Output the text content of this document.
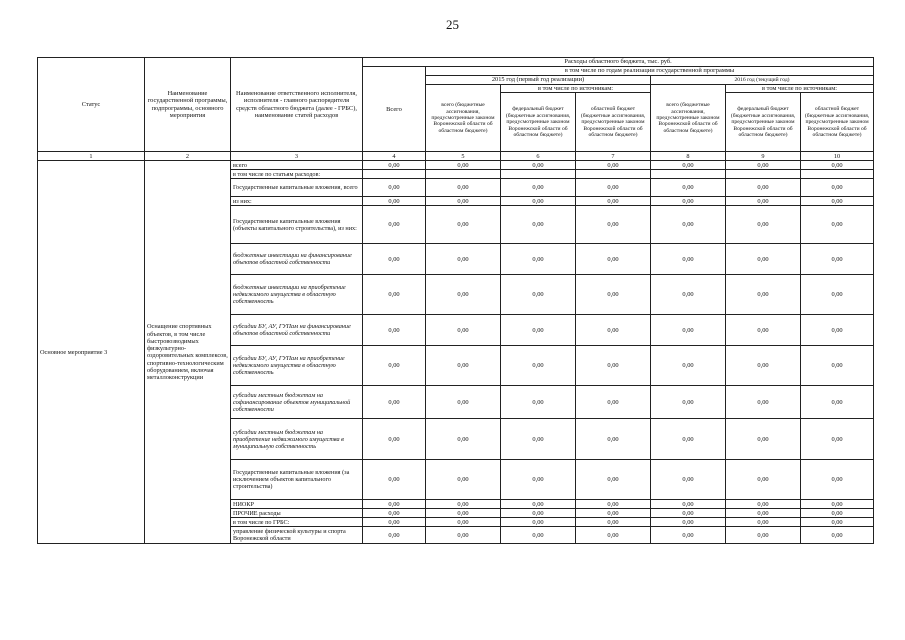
25
Статус	Наименование государственной программы, подпрограммы, основного мероприятия	Наименование ответственного исполнителя, исполнителя - главного распорядителя средств областного бюджета (далее - ГРБС), наименование статей расходов	Расходы областного бюджета, тыс. руб.						
			Всего	в том числе по годам реализации государственной программы					
				2015 год (первый год реализации)			2016 год (текущий год)		
				всего (бюджетные ассигнования, предусмотренные законом Воронежской области об областном бюджете)	в том числе по источникам:		всего (бюджетные ассигнования, предусмотренные законом Воронежской области об областном бюджете)	в том числе по источникам:	
					федеральный бюджет (бюджетные ассигнования, предусмотренные законом Воронежской области об областном бюджете)	областной бюджет (бюджетные ассигнования, предусмотренные законом Воронежской области об областном бюджете)		федеральный бюджет (бюджетные ассигнования, предусмотренные законом Воронежской области об областном бюджете)	областной бюджет (бюджетные ассигнования, предусмотренные законом Воронежской области об областном бюджете)
1	2	3	4	5	6	7	8	9	10
Основное мероприятие 3	Оснащение спортивных объектов, в том числе быстровозводимых физкультурно-оздоровительных комплексов, спортивно-технологическим оборудованием, включая металлоконструкции	всего	0,00	0,00	0,00	0,00	0,00	0,00	0,00
		в том числе по статьям расходов:							
		Государственные капитальные вложения, всего	0,00	0,00	0,00	0,00	0,00	0,00	0,00
		из них:	0,00	0,00	0,00	0,00	0,00	0,00	0,00
		Государственные капитальные вложения (объекты капитального строительства), из них:	0,00	0,00	0,00	0,00	0,00	0,00	0,00
		бюджетные инвестиции на финансирование объектов областной собственности	0,00	0,00	0,00	0,00	0,00	0,00	0,00
		бюджетные инвестиции на приобретение недвижимого имущества в областную собственность	0,00	0,00	0,00	0,00	0,00	0,00	0,00
		субсидии БУ, АУ, ГУПам на финансирование объектов областной собственности	0,00	0,00	0,00	0,00	0,00	0,00	0,00
		субсидии БУ, АУ, ГУПам на приобретение недвижимого имущества в областную собственность	0,00	0,00	0,00	0,00	0,00	0,00	0,00
		субсидии местным бюджетам на софинансирование объектов муниципальной собственности	0,00	0,00	0,00	0,00	0,00	0,00	0,00
		субсидии местным бюджетам на приобретение недвижимого имущества в муниципальную собственность	0,00	0,00	0,00	0,00	0,00	0,00	0,00
		Государственные капитальные вложения (за исключением объектов капитального строительства)	0,00	0,00	0,00	0,00	0,00	0,00	0,00
		НИОКР	0,00	0,00	0,00	0,00	0,00	0,00	0,00
		ПРОЧИЕ расходы	0,00	0,00	0,00	0,00	0,00	0,00	0,00
		в том числе по ГРБС:	0,00	0,00	0,00	0,00	0,00	0,00	0,00
		управление физической культуры и спорта Воронежской области	0,00	0,00	0,00	0,00	0,00	0,00	0,00
